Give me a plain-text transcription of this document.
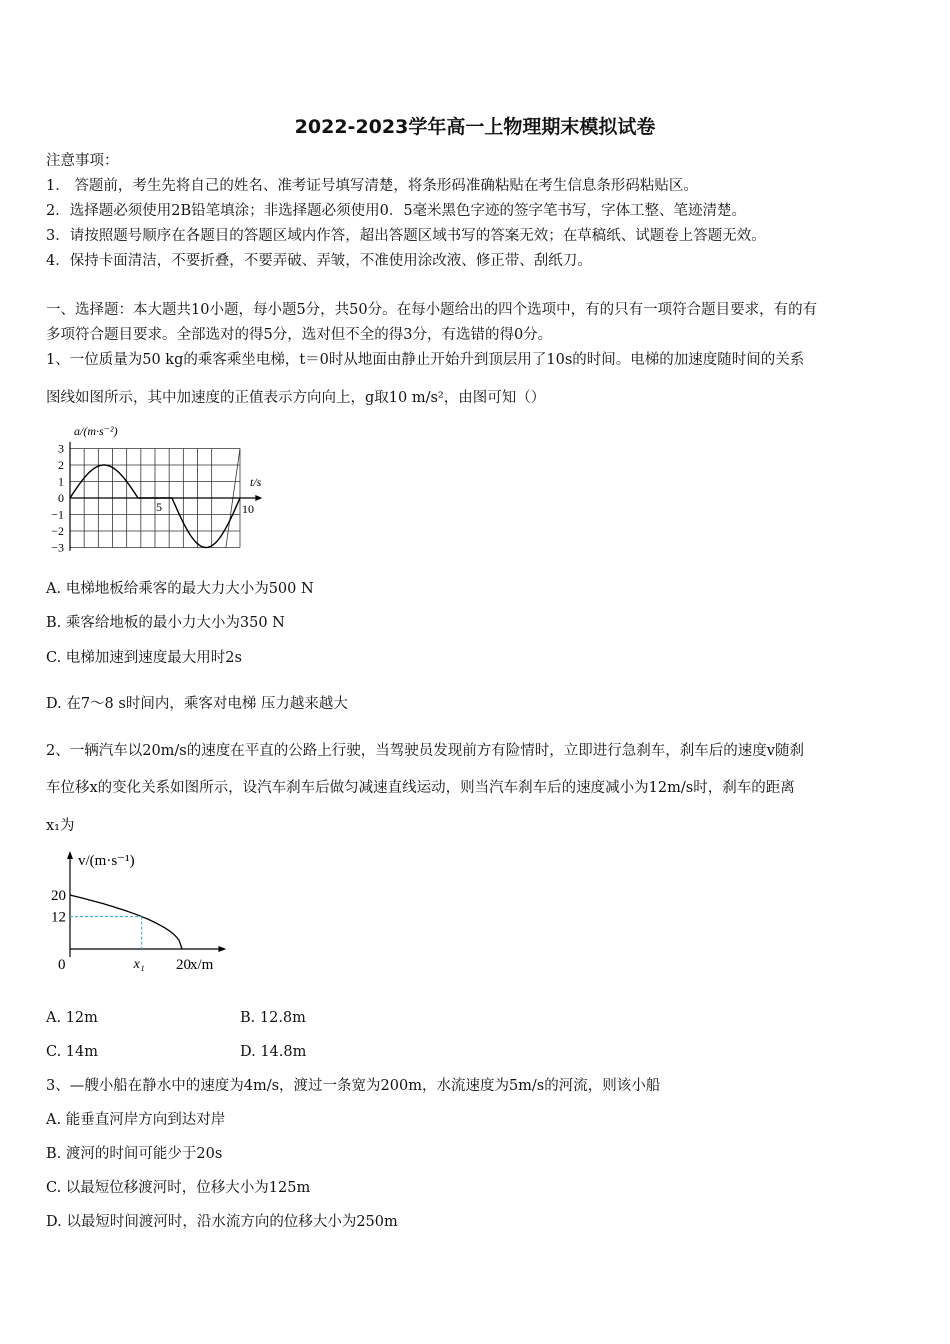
2022-2023学年高一上物理期末模拟试卷
注意事项：
1． 答题前，考生先将自己的姓名、准考证号填写清楚，将条形码准确粘贴在考生信息条形码粘贴区。
2．选择题必须使用2B铅笔填涂；非选择题必须使用0．5毫米黑色字迹的签字笔书写，字体工整、笔迹清楚。
3．请按照题号顺序在各题目的答题区域内作答，超出答题区域书写的答案无效；在草稿纸、试题卷上答题无效。
4．保持卡面清洁，不要折叠，不要弄破、弄皱，不准使用涂改液、修正带、刮纸刀。
一、选择题：本大题共10小题，每小题5分，共50分。在每小题给出的四个选项中，有的只有一项符合题目要求，有的有
多项符合题目要求。全部选对的得5分，选对但不全的得3分，有选错的得0分。
1、一位质量为50 kg的乘客乘坐电梯，t＝0时从地面由静止开始升到顶层用了10s的时间。电梯的加速度随时间的关系
图线如图所示，其中加速度的正值表示方向向上，g取10 m/s²，由图可知（）
3
2
1
0
−1
−2
−3
5	10
a/(m·s⁻²)
t/s
A. 电梯地板给乘客的最大力大小为500 N
B. 乘客给地板的最小力大小为350 N
C. 电梯加速到速度最大用时2s
D. 在7～8 s时间内，乘客对电梯 压力越来越大
2、一辆汽车以20m/s的速度在平直的公路上行驶，当驾驶员发现前方有险情时，立即进行急刹车，刹车后的速度v随刹
车位移x的变化关系如图所示，设汽车刹车后做匀减速直线运动，则当汽车刹车后的速度减小为12m/s时，刹车的距离
x₁为
20
12
0	x₁ 20
v/(m·s⁻¹)
x/m
A. 12m	B. 12.8m
C. 14m	D. 14.8m
3、—艘小船在静水中的速度为4m/s，渡过一条宽为200m，水流速度为5m/s的河流，则该小船
A. 能垂直河岸方向到达对岸
B. 渡河的时间可能少于20s
C. 以最短位移渡河时，位移大小为125m
D. 以最短时间渡河时，沿水流方向的位移大小为250m
